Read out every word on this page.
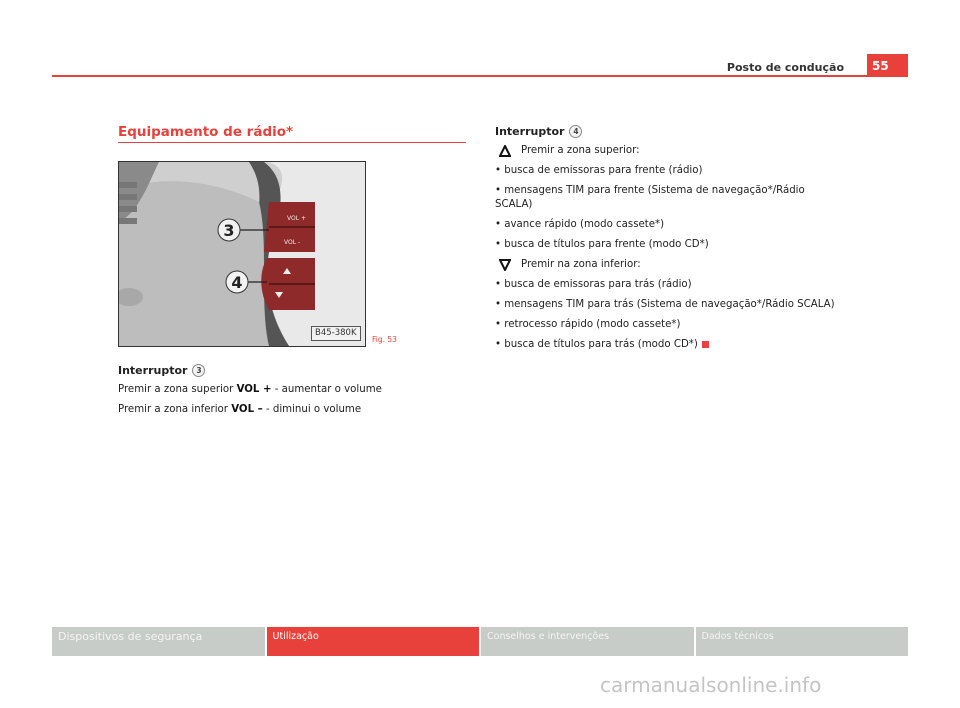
Posto de condução	55
Equipamento de rádio*
VOL +
VOL -
3
4
B45-380K
Fig. 53
Interruptor	3
Premir a zona superior VOL + - aumentar o volume
Premir a zona inferior VOL – - diminui o volume
Interruptor	4
Premir a zona superior:
• busca de emissoras para frente (rádio)
• mensagens TIM para frente (Sistema de navegação*/Rádio SCALA)
• avance rápido (modo cassete*)
• busca de títulos para frente (modo CD*)
Premir na zona inferior:
• busca de emissoras para trás (rádio)
• mensagens TIM para trás (Sistema de navegação*/Rádio SCALA)
• retrocesso rápido (modo cassete*)
• busca de títulos para trás (modo CD*)
Dispositivos de segurança	Utilização	Conselhos e intervenções	Dados técnicos
carmanualsonline.info
